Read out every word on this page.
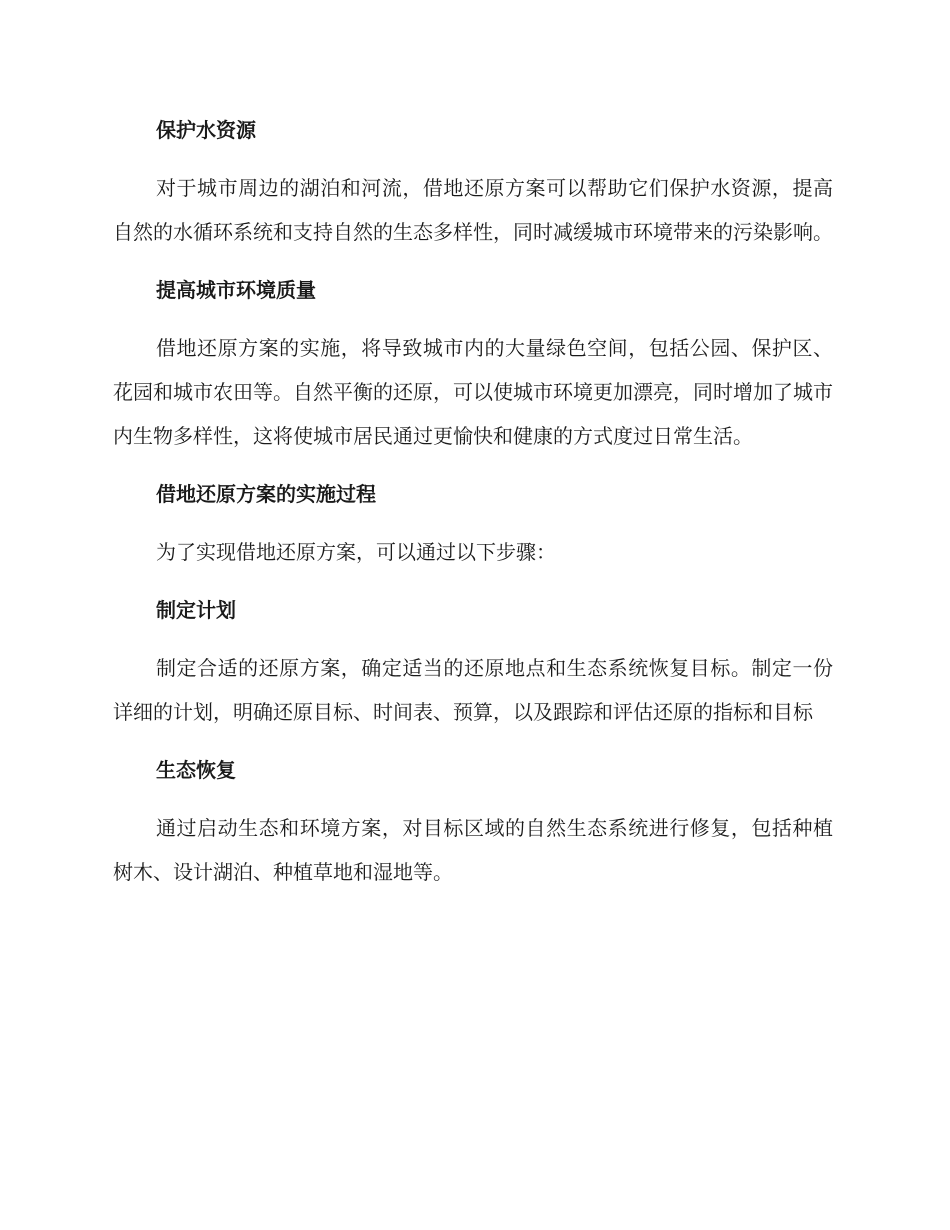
保护水资源

对于城市周边的湖泊和河流，借地还原方案可以帮助它们保护水资源，提高自然的水循环系统和支持自然的生态多样性，同时减缓城市环境带来的污染影响。

提高城市环境质量

借地还原方案的实施，将导致城市内的大量绿色空间，包括公园、保护区、花园和城市农田等。自然平衡的还原，可以使城市环境更加漂亮，同时增加了城市内生物多样性，这将使城市居民通过更愉快和健康的方式度过日常生活。

借地还原方案的实施过程

为了实现借地还原方案，可以通过以下步骤：

制定计划

制定合适的还原方案，确定适当的还原地点和生态系统恢复目标。制定一份详细的计划，明确还原目标、时间表、预算，以及跟踪和评估还原的指标和目标

生态恢复

通过启动生态和环境方案，对目标区域的自然生态系统进行修复，包括种植树木、设计湖泊、种植草地和湿地等。
